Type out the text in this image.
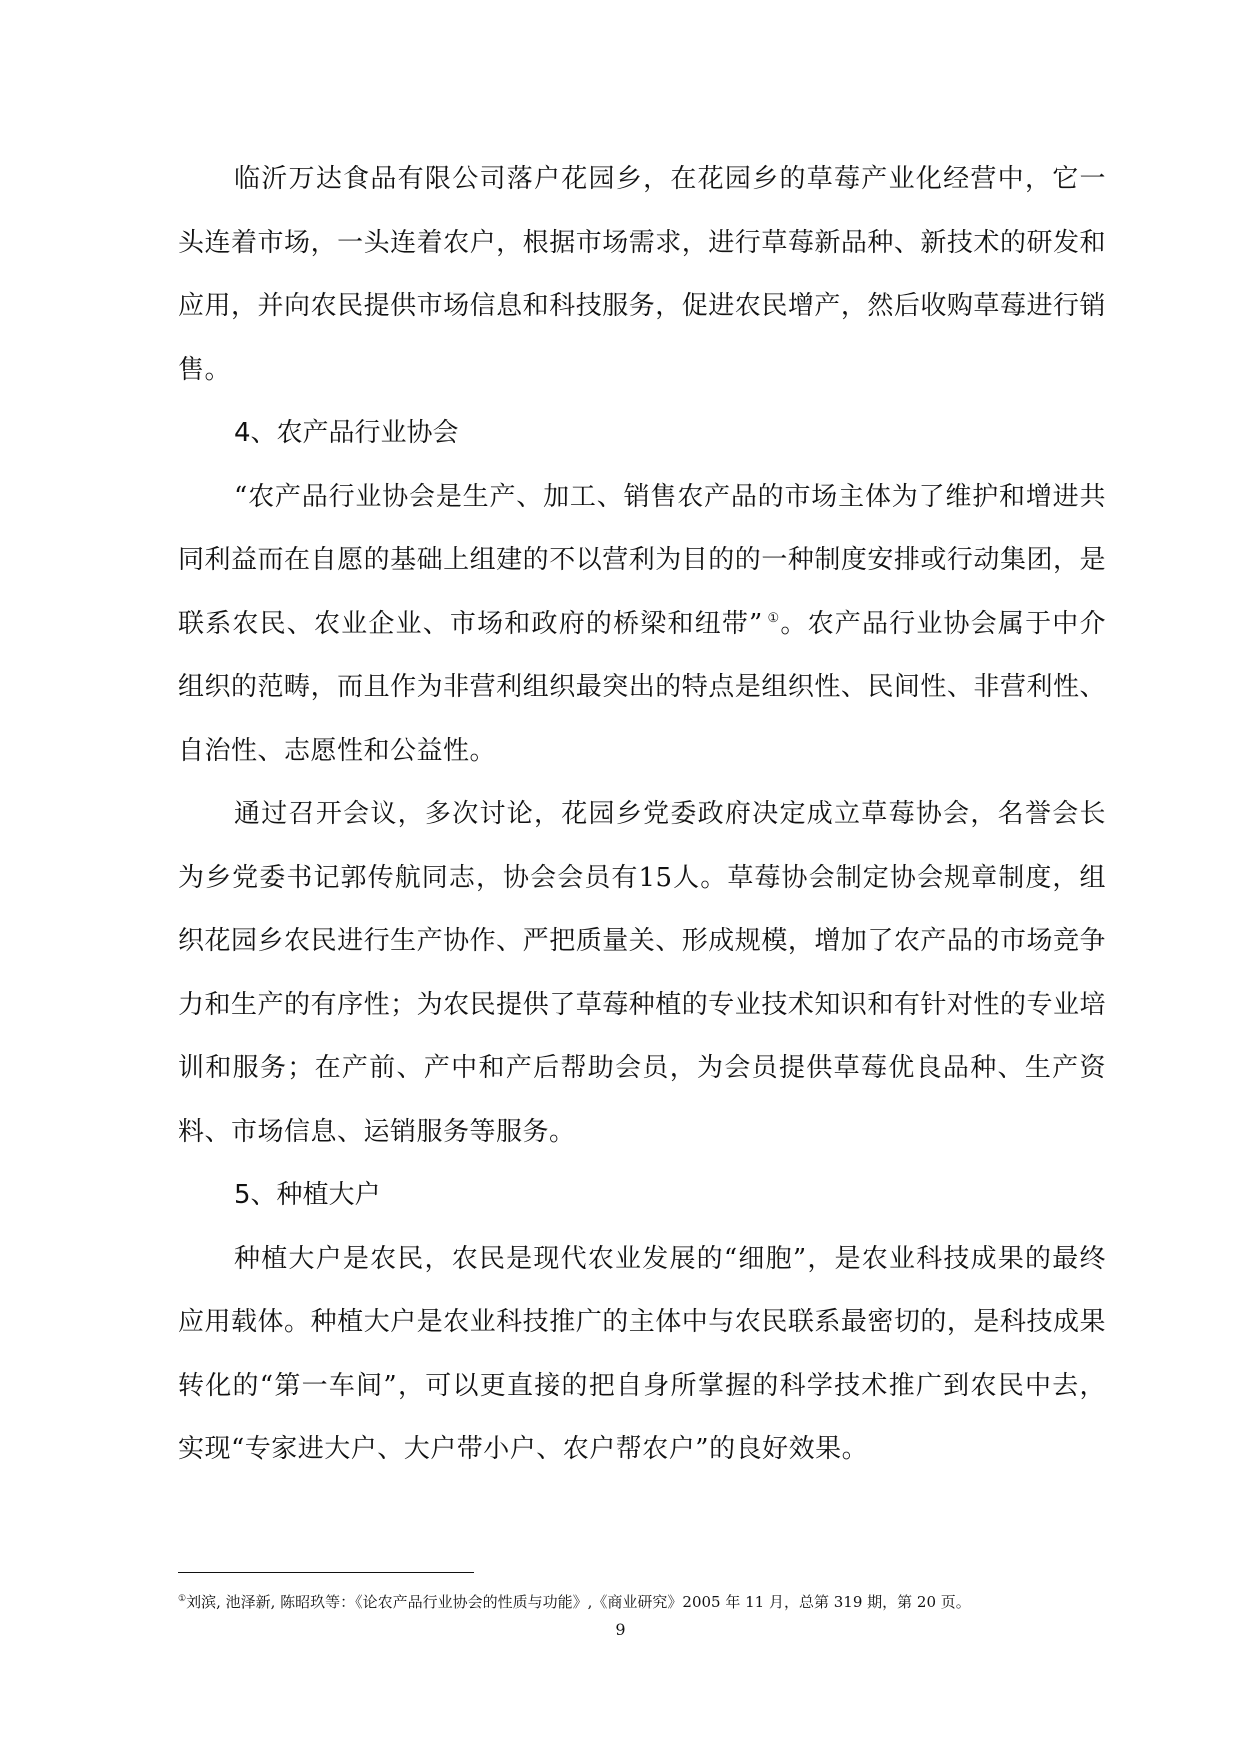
临沂万达食品有限公司落户花园乡，在花园乡的草莓产业化经营中，它一头连着市场，一头连着农户，根据市场需求，进行草莓新品种、新技术的研发和应用，并向农民提供市场信息和科技服务，促进农民增产，然后收购草莓进行销售。

4、农产品行业协会

“农产品行业协会是生产、加工、销售农产品的市场主体为了维护和增进共同利益而在自愿的基础上组建的不以营利为目的的一种制度安排或行动集团，是联系农民、农业企业、市场和政府的桥梁和纽带” ①。农产品行业协会属于中介组织的范畴，而且作为非营利组织最突出的特点是组织性、民间性、非营利性、自治性、志愿性和公益性。

通过召开会议，多次讨论，花园乡党委政府决定成立草莓协会，名誉会长为乡党委书记郭传航同志，协会会员有15人。草莓协会制定协会规章制度，组织花园乡农民进行生产协作、严把质量关、形成规模，增加了农产品的市场竞争力和生产的有序性；为农民提供了草莓种植的专业技术知识和有针对性的专业培训和服务；在产前、产中和产后帮助会员，为会员提供草莓优良品种、生产资料、市场信息、运销服务等服务。

5、种植大户

种植大户是农民，农民是现代农业发展的“细胞”，是农业科技成果的最终应用载体。种植大户是农业科技推广的主体中与农民联系最密切的，是科技成果转化的“第一车间”，可以更直接的把自身所掌握的科学技术推广到农民中去，实现“专家进大户、大户带小户、农户帮农户”的良好效果。

①刘滨, 池泽新, 陈昭玖等：《论农产品行业协会的性质与功能》,《商业研究》2005 年 11 月，总第 319 期，第 20 页。
9
